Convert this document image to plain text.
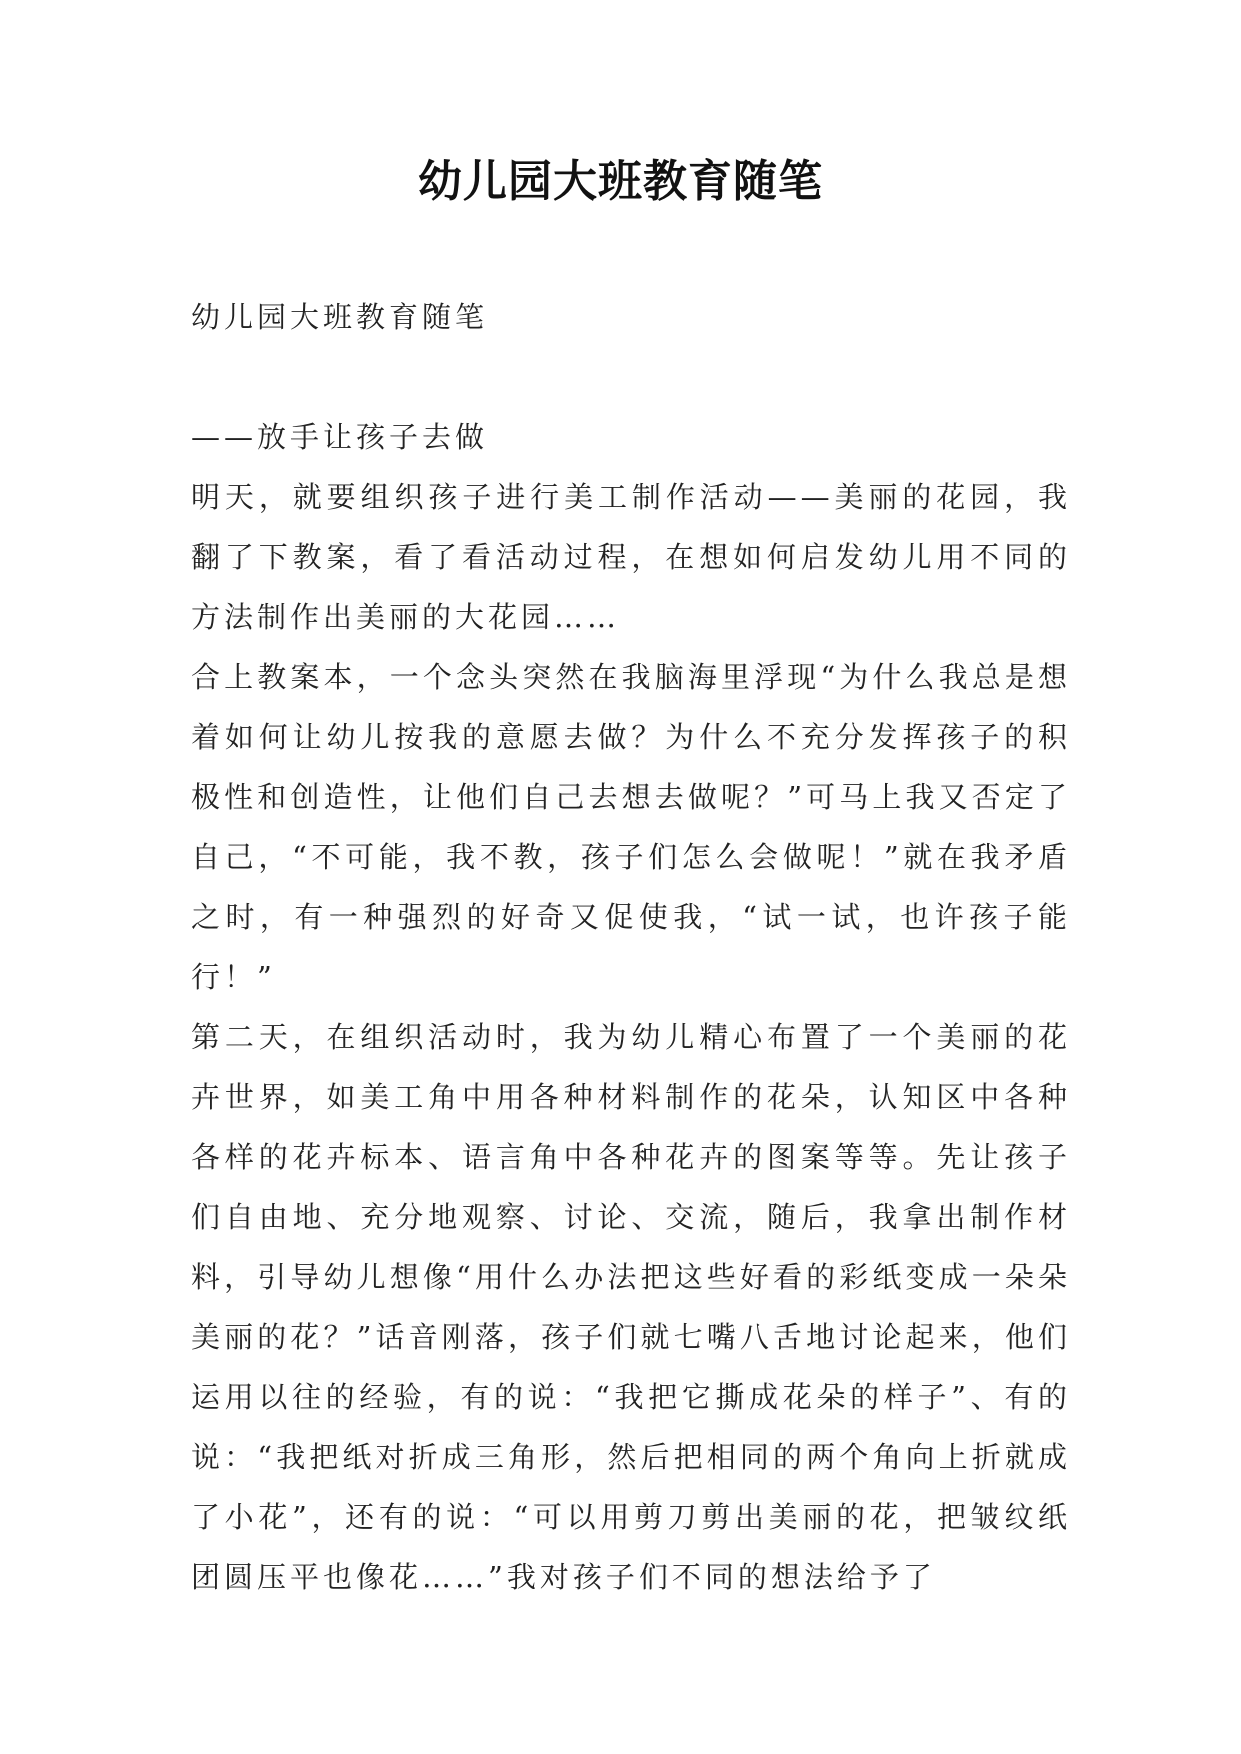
幼儿园大班教育随笔
幼儿园大班教育随笔

——放手让孩子去做

明天，就要组织孩子进行美工制作活动——美丽的花园，我翻了下教案，看了看活动过程，在想如何启发幼儿用不同的方法制作出美丽的大花园……

合上教案本，一个念头突然在我脑海里浮现“为什么我总是想着如何让幼儿按我的意愿去做？为什么不充分发挥孩子的积极性和创造性，让他们自己去想去做呢？”可马上我又否定了自己，“不可能，我不教，孩子们怎么会做呢！”就在我矛盾之时，有一种强烈的好奇又促使我，“试一试，也许孩子能行！”

第二天，在组织活动时，我为幼儿精心布置了一个美丽的花卉世界，如美工角中用各种材料制作的花朵，认知区中各种各样的花卉标本、语言角中各种花卉的图案等等。先让孩子们自由地、充分地观察、讨论、交流，随后，我拿出制作材料，引导幼儿想像“用什么办法把这些好看的彩纸变成一朵朵美丽的花？”话音刚落，孩子们就七嘴八舌地讨论起来，他们运用以往的经验，有的说：“我把它撕成花朵的样子”、有的说：“我把纸对折成三角形，然后把相同的两个角向上折就成了小花”，还有的说：“可以用剪刀剪出美丽的花，把皱纹纸团圆压平也像花……”我对孩子们不同的想法给予了
